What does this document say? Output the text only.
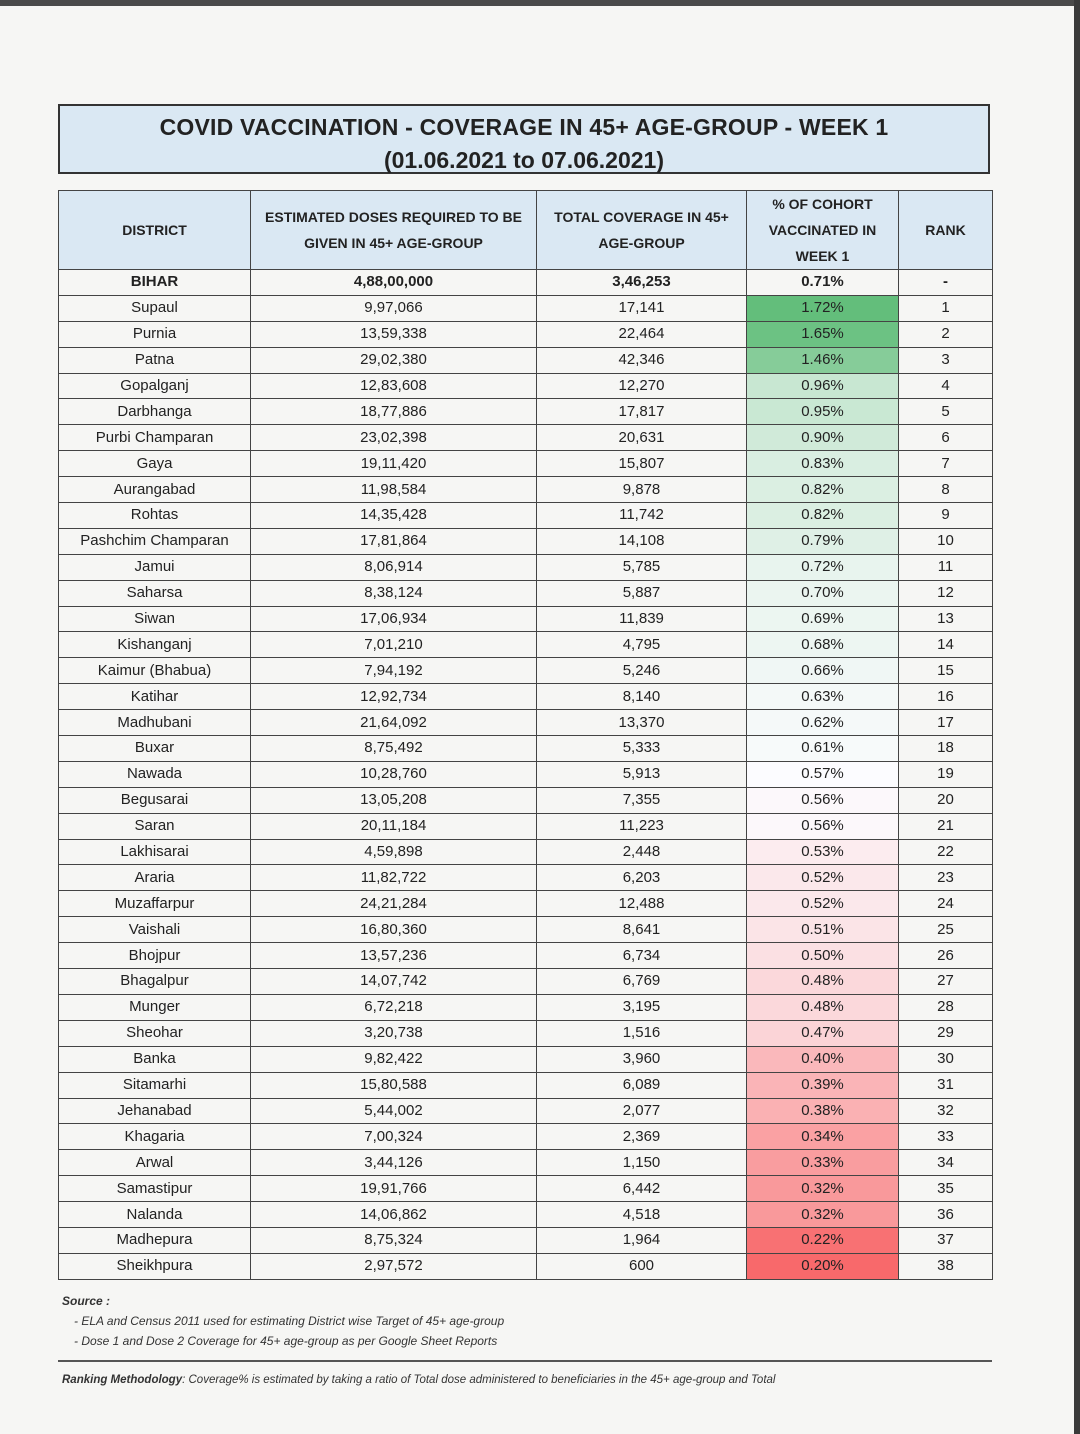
COVID VACCINATION - COVERAGE IN 45+ AGE-GROUP - WEEK 1
(01.06.2021 to 07.06.2021)
DISTRICT	ESTIMATED DOSES REQUIRED TO BE GIVEN IN 45+ AGE-GROUP	TOTAL COVERAGE IN 45+ AGE-GROUP	% OF COHORT VACCINATED IN WEEK 1	RANK
BIHAR	4,88,00,000	3,46,253	0.71%	-
Supaul	9,97,066	17,141	1.72%	1
Purnia	13,59,338	22,464	1.65%	2
Patna	29,02,380	42,346	1.46%	3
Gopalganj	12,83,608	12,270	0.96%	4
Darbhanga	18,77,886	17,817	0.95%	5
Purbi Champaran	23,02,398	20,631	0.90%	6
Gaya	19,11,420	15,807	0.83%	7
Aurangabad	11,98,584	9,878	0.82%	8
Rohtas	14,35,428	11,742	0.82%	9
Pashchim Champaran	17,81,864	14,108	0.79%	10
Jamui	8,06,914	5,785	0.72%	11
Saharsa	8,38,124	5,887	0.70%	12
Siwan	17,06,934	11,839	0.69%	13
Kishanganj	7,01,210	4,795	0.68%	14
Kaimur (Bhabua)	7,94,192	5,246	0.66%	15
Katihar	12,92,734	8,140	0.63%	16
Madhubani	21,64,092	13,370	0.62%	17
Buxar	8,75,492	5,333	0.61%	18
Nawada	10,28,760	5,913	0.57%	19
Begusarai	13,05,208	7,355	0.56%	20
Saran	20,11,184	11,223	0.56%	21
Lakhisarai	4,59,898	2,448	0.53%	22
Araria	11,82,722	6,203	0.52%	23
Muzaffarpur	24,21,284	12,488	0.52%	24
Vaishali	16,80,360	8,641	0.51%	25
Bhojpur	13,57,236	6,734	0.50%	26
Bhagalpur	14,07,742	6,769	0.48%	27
Munger	6,72,218	3,195	0.48%	28
Sheohar	3,20,738	1,516	0.47%	29
Banka	9,82,422	3,960	0.40%	30
Sitamarhi	15,80,588	6,089	0.39%	31
Jehanabad	5,44,002	2,077	0.38%	32
Khagaria	7,00,324	2,369	0.34%	33
Arwal	3,44,126	1,150	0.33%	34
Samastipur	19,91,766	6,442	0.32%	35
Nalanda	14,06,862	4,518	0.32%	36
Madhepura	8,75,324	1,964	0.22%	37
Sheikhpura	2,97,572	600	0.20%	38
Source :
- ELA and Census 2011 used for estimating District wise Target of 45+ age-group
- Dose 1 and Dose 2 Coverage for 45+ age-group as per Google Sheet Reports
Ranking Methodology: Coverage% is estimated by taking a ratio of Total dose administered to beneficiaries in the 45+ age-group and Total
